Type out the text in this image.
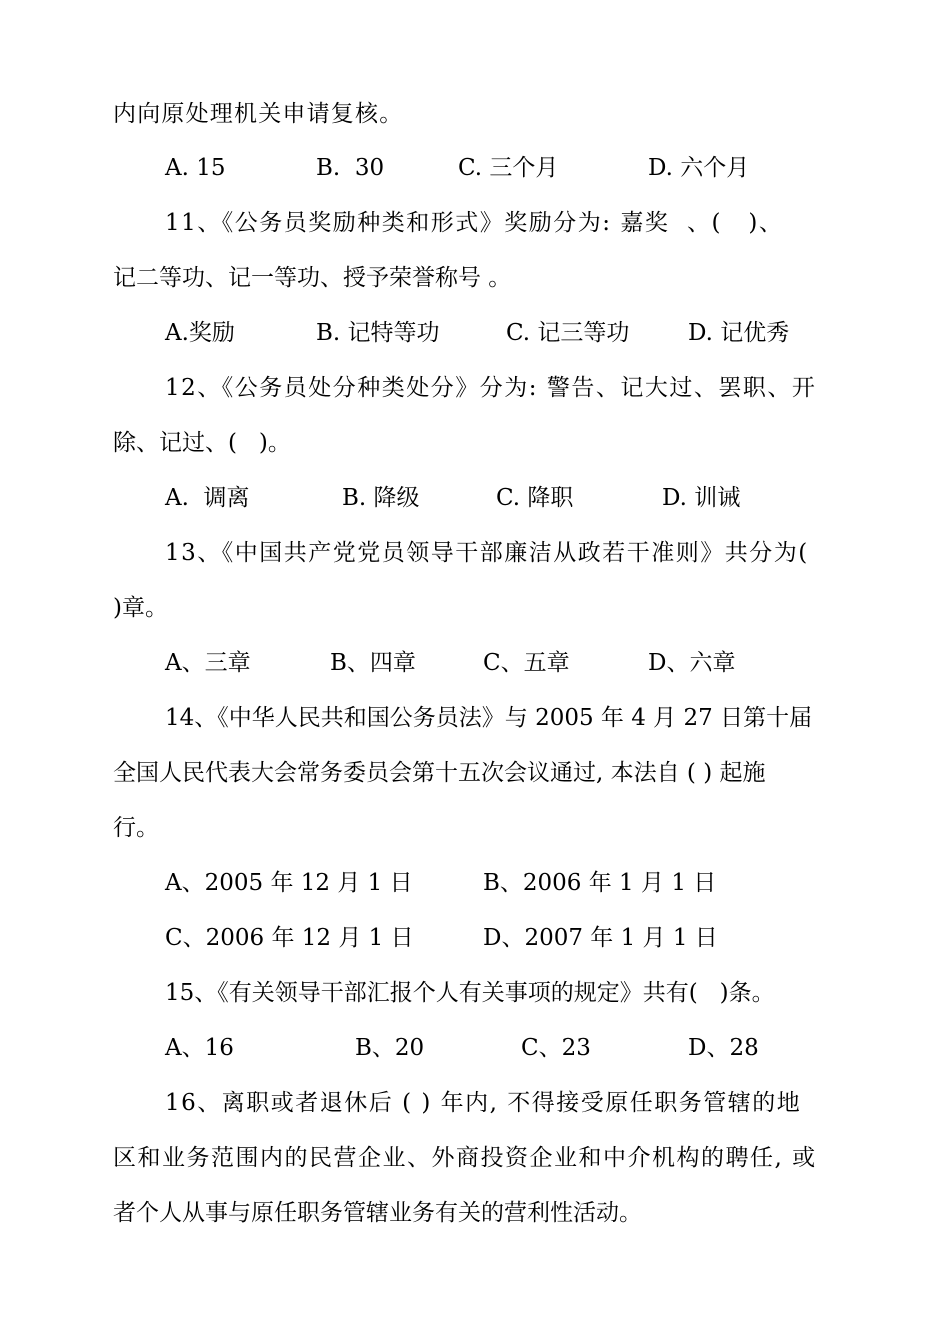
内向原处理机关申请复核。

A. 15

	B.  30

	C. 三个月

	D. 六个月

11、《公务员奖励种类和形式》奖励分为: 嘉奖  、(   )、

记二等功、记一等功、授予荣誉称号 。

A.奖励

	B. 记特等功

	C. 记三等功

	D. 记优秀

12、《公务员处分种类处分》分为: 警告、记大过、罢职、开

除、记过、(   )。

A.  调离

	B. 降级

	C. 降职

	D. 训诫

13、《中国共产党党员领导干部廉洁从政若干准则》共分为(

)章。

A、三章

	B、四章

	C、五章

	D、六章

14、《中华人民共和国公务员法》与 2005 年 4 月 27 日第十届

全国人民代表大会常务委员会第十五次会议通过, 本法自 ( ) 起施

行。

A、2005 年 12 月 1 日

	B、2006 年 1 月 1 日

C、2006 年 12 月 1 日

	D、2007 年 1 月 1 日

15、《有关领导干部汇报个人有关事项的规定》共有(   )条。

A、16

	B、20

	C、23

	D、28

16、离职或者退休后 ( ) 年内, 不得接受原任职务管辖的地

区和业务范围内的民营企业、外商投资企业和中介机构的聘任, 或

者个人从事与原任职务管辖业务有关的营利性活动。
